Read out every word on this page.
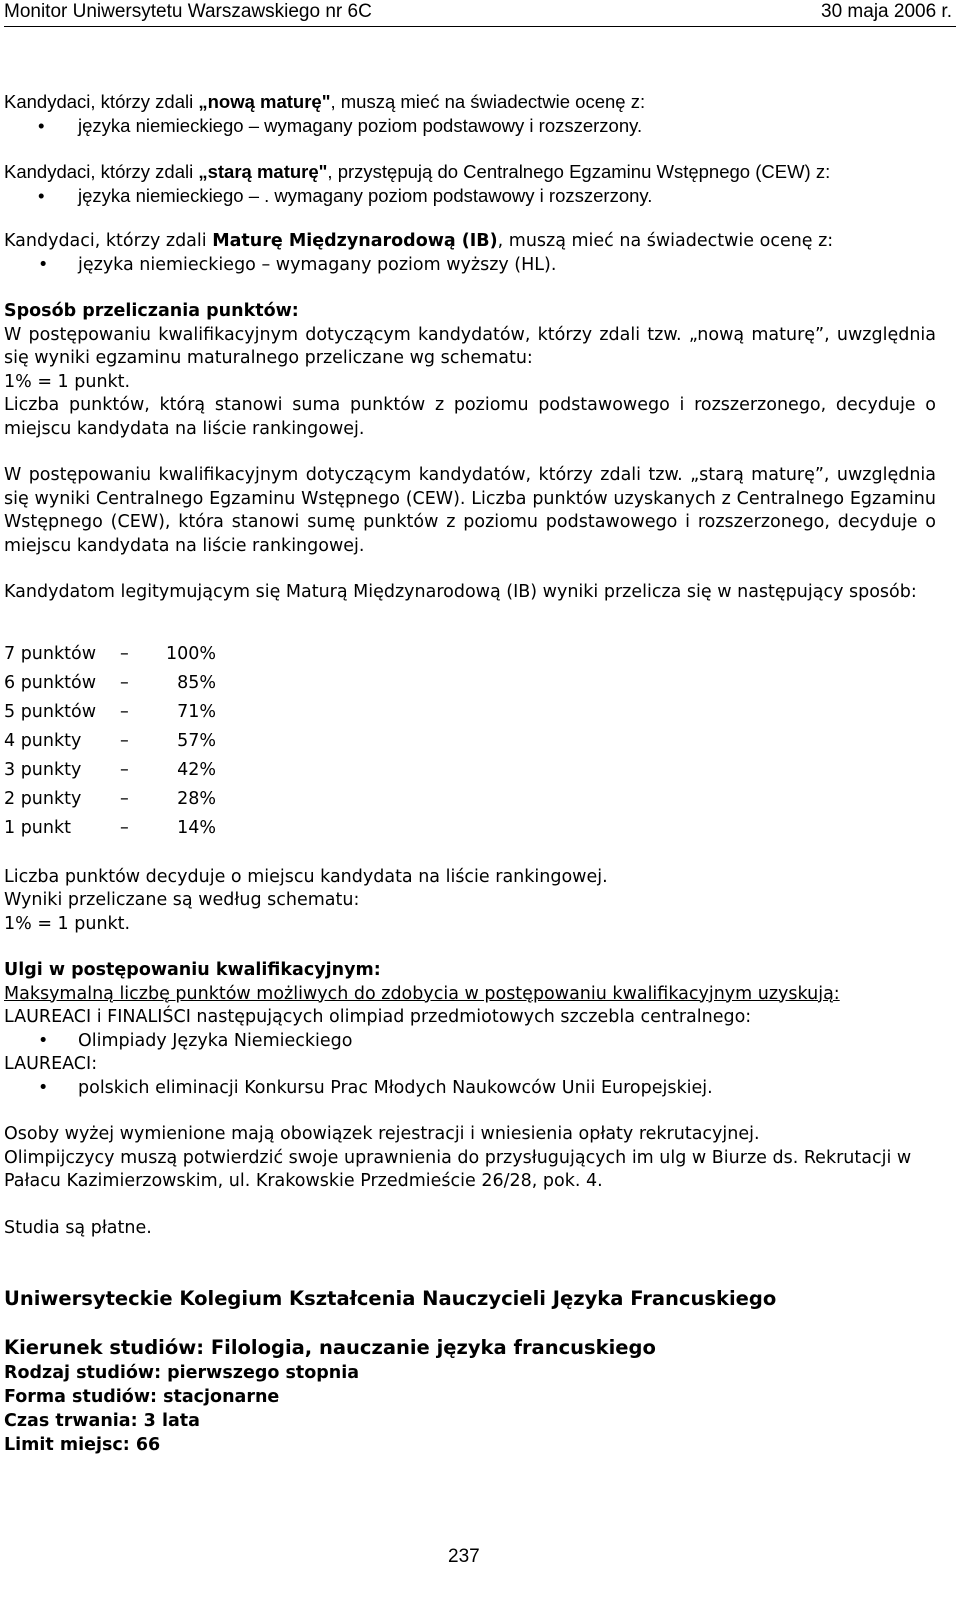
Monitor Uniwersytetu Warszawskiego nr 6C	30 maja 2006 r.

Kandydaci, którzy zdali „nową maturę", muszą mieć na świadectwie ocenę z:

• języka niemieckiego – wymagany poziom podstawowy i rozszerzony.

Kandydaci, którzy zdali „starą maturę", przystępują do Centralnego Egzaminu Wstępnego (CEW) z:

• języka niemieckiego – . wymagany poziom podstawowy i rozszerzony.

Kandydaci, którzy zdali Maturę Międzynarodową (IB), muszą mieć na świadectwie ocenę z:

• języka niemieckiego – wymagany poziom wyższy (HL).

Sposób przeliczania punktów:

W postępowaniu kwalifikacyjnym dotyczącym kandydatów, którzy zdali tzw. „nową maturę”, uwzględnia się wyniki egzaminu maturalnego przeliczane wg schematu:

1% = 1 punkt.

Liczba punktów, którą stanowi suma punktów z poziomu podstawowego i rozszerzonego, decyduje o miejscu kandydata na liście rankingowej.

W postępowaniu kwalifikacyjnym dotyczącym kandydatów, którzy zdali tzw. „starą maturę”, uwzględnia się wyniki Centralnego Egzaminu Wstępnego (CEW). Liczba punktów uzyskanych z Centralnego Egzaminu Wstępnego (CEW), która stanowi sumę punktów z poziomu podstawowego i rozszerzonego, decyduje o miejscu kandydata na liście rankingowej.

Kandydatom legitymującym się Maturą Międzynarodową (IB) wyniki przelicza się w następujący sposób:

7 punktów	–	100%
6 punktów	–	85%
5 punktów	–	71%
4 punkty	–	57%
3 punkty	–	42%
2 punkty	–	28%
1 punkt	–	14%

Liczba punktów decyduje o miejscu kandydata na liście rankingowej.

Wyniki przeliczane są według schematu:

1% = 1 punkt.

Ulgi w postępowaniu kwalifikacyjnym:

Maksymalną liczbę punktów możliwych do zdobycia w postępowaniu kwalifikacyjnym uzyskują:

LAUREACI i FINALIŚCI następujących olimpiad przedmiotowych szczebla centralnego:

• Olimpiady Języka Niemieckiego

LAUREACI:

• polskich eliminacji Konkursu Prac Młodych Naukowców Unii Europejskiej.

Osoby wyżej wymienione mają obowiązek rejestracji i wniesienia opłaty rekrutacyjnej.

Olimpijczycy muszą potwierdzić swoje uprawnienia do przysługujących im ulg w Biurze ds. Rekrutacji w Pałacu Kazimierzowskim, ul. Krakowskie Przedmieście 26/28, pok. 4.

Studia są płatne.

Uniwersyteckie Kolegium Kształcenia Nauczycieli Języka Francuskiego

Kierunek studiów: Filologia, nauczanie języka francuskiego

Rodzaj studiów: pierwszego stopnia

Forma studiów: stacjonarne

Czas trwania: 3 lata

Limit miejsc: 66

237
